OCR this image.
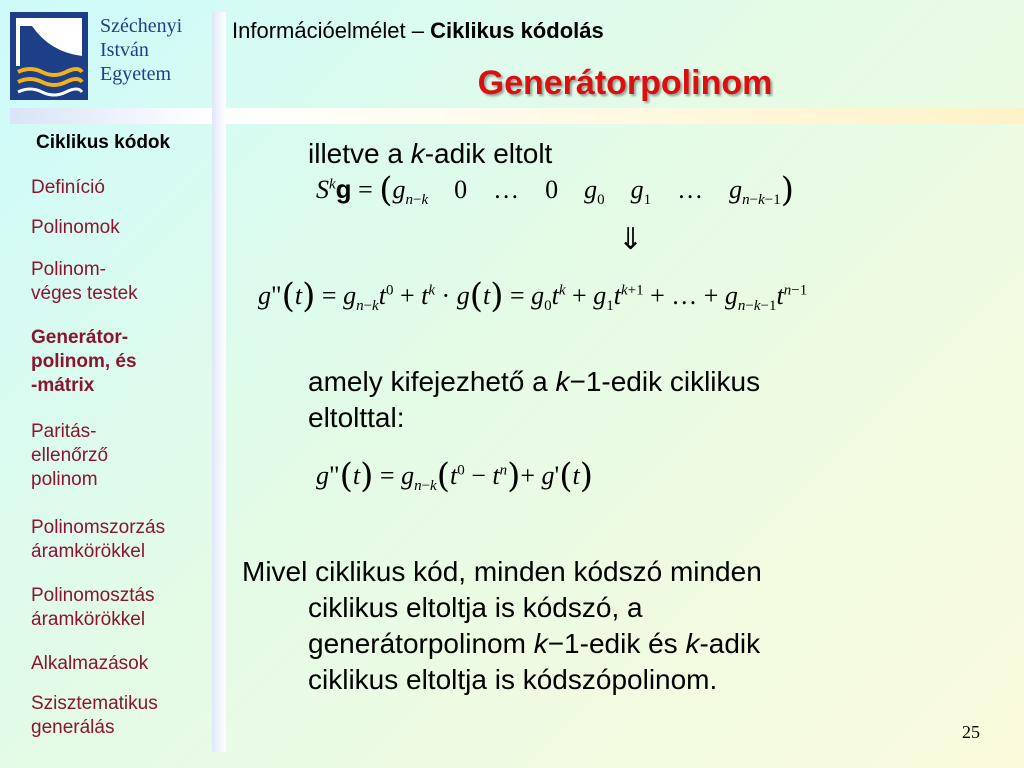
Széchenyi
István
Egyetem
Információelmélet – Ciklikus kódolás
Generátorpolinom
Ciklikus kódok
Definíció
Polinomok
Polinom-
véges testek
Generátor-
polinom, és
-mátrix
Paritás-
ellenőrző
polinom
Polinomszorzás
áramkörökkel
Polinomosztás
áramkörökkel
Alkalmazások
Szisztematikus
generálás
illetve a k-adik eltolt
$S^kg = (g_{n-k}$    0    …    0    $g_0$ $g_1$    …    $g_{n-k-1}$)
⇓
g"(t) = $g_{n-k}t^0 + t^k \cdot g(t) = g_0t^k + g_1t^{k+1}$ + … + $g_{n-k-1}t^{n-1}$
amely kifejezhető a k−1-edik ciklikus
eltolttal:
g"(t) = $g_{n-k}(t^0 - t^n)+ g'(t)$
Mivel ciklikus kód, minden kódszó minden
ciklikus eltoltja is kódszó, a
generátorpolinom k−1-edik és k-adik
ciklikus eltoltja is kódszópolinom.
25
